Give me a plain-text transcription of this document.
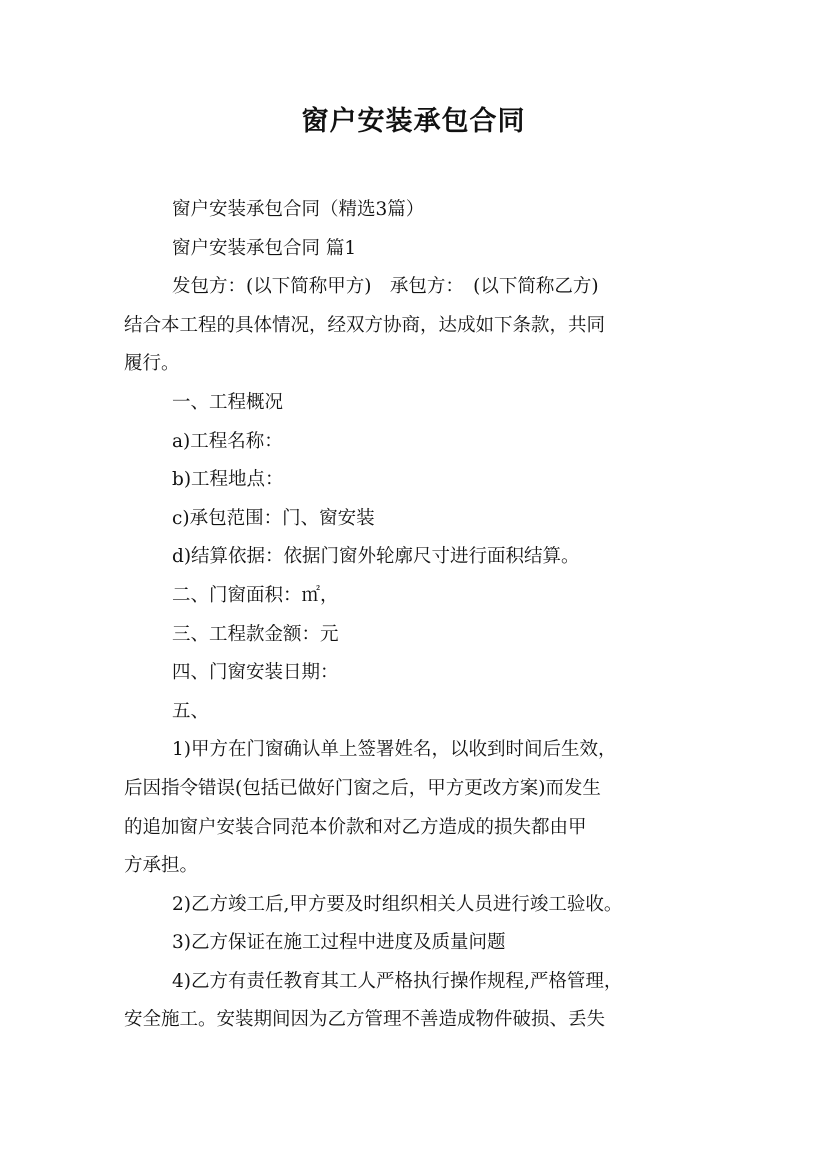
窗户安装承包合同

窗户安装承包合同（精选3篇）

窗户安装承包合同 篇1

发包方：(以下简称甲方)　承包方：　(以下简称乙方)

结合本工程的具体情况，经双方协商，达成如下条款，共同

履行。

一、工程概况

a)工程名称：

b)工程地点：

c)承包范围：门、窗安装

d)结算依据：依据门窗外轮廓尺寸进行面积结算。

二、门窗面积：㎡，

三、工程款金额：元

四、门窗安装日期：

五、

1)甲方在门窗确认单上签署姓名，以收到时间后生效，

后因指令错误(包括已做好门窗之后，甲方更改方案)而发生

的追加窗户安装合同范本价款和对乙方造成的损失都由甲

方承担。

2)乙方竣工后,甲方要及时组织相关人员进行竣工验收。

3)乙方保证在施工过程中进度及质量问题

4)乙方有责任教育其工人严格执行操作规程,严格管理，

安全施工。安装期间因为乙方管理不善造成物件破损、丢失
